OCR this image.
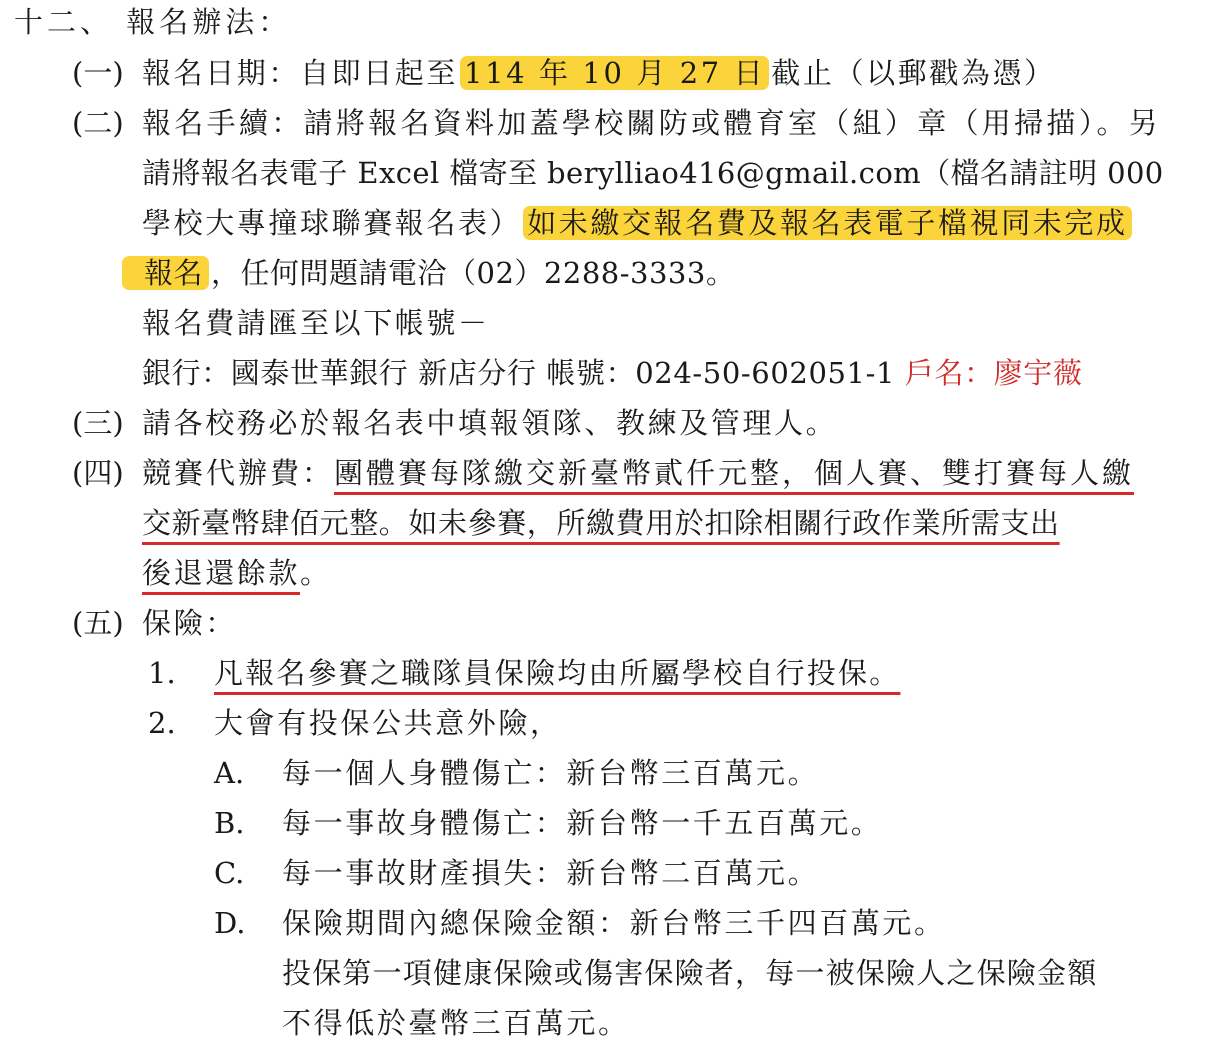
十二、 報名辦法：
(一) 報名日期：自即日起至 114 年 10 月 27 日 截止（以郵戳為憑）
(二) 報名手續：請將報名資料加蓋學校關防或體育室（組）章（用掃描）。另
請將報名表電子 Excel 檔寄至 berylliao416@gmail.com（檔名請註明 000
學校大專撞球聯賽報名表） 如未繳交報名費及報名表電子檔視同未完成
報名 ，任何問題請電洽（02）2288-3333。
報名費請匯至以下帳號－
銀行：國泰世華銀行 新店分行 帳號：024-50-602051-1 戶名：廖宇薇
(三) 請各校務必於報名表中填報領隊、教練及管理人。
(四) 競賽代辦費：團體賽每隊繳交新臺幣貳仟元整，個人賽、雙打賽每人繳
交新臺幣肆佰元整。如未參賽，所繳費用於扣除相關行政作業所需支出
後退還餘款。
(五) 保險：
1. 凡報名參賽之職隊員保險均由所屬學校自行投保。
2. 大會有投保公共意外險，
A. 每一個人身體傷亡：新台幣三百萬元。
B. 每一事故身體傷亡：新台幣一千五百萬元。
C. 每一事故財產損失：新台幣二百萬元。
D. 保險期間內總保險金額：新台幣三千四百萬元。
投保第一項健康保險或傷害保險者，每一被保險人之保險金額
不得低於臺幣三百萬元。
